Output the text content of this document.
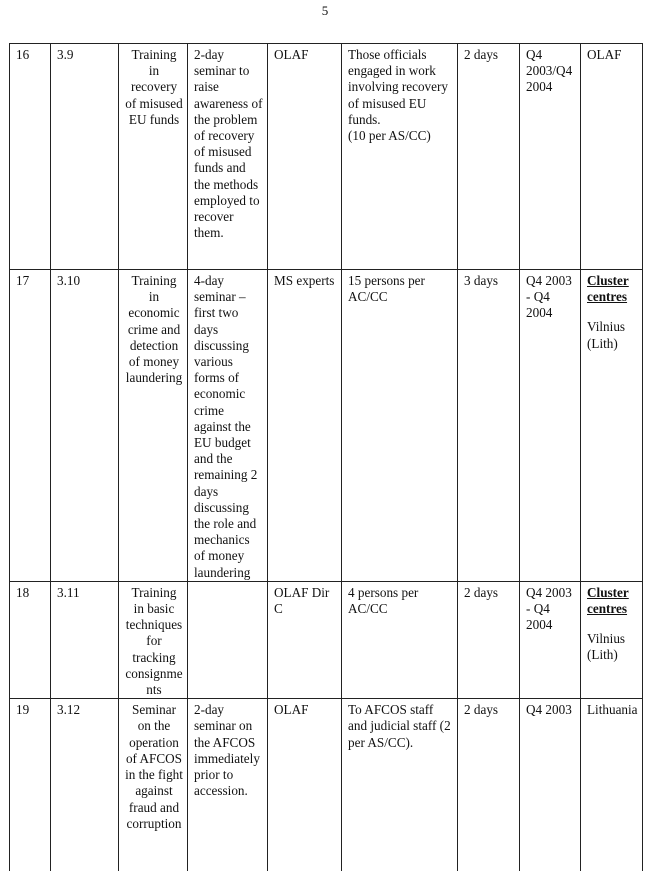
5
16	3.9	Training in recovery of misused EU funds	2-day seminar to raise awareness of the problem of recovery of misused funds and the methods employed to recover them.	OLAF	Those officials engaged in work involving recovery of misused EU funds.
(10 per AS/CC)	2 days	Q4 2003/Q4 2004	OLAF

17	3.10	Training in economic crime and detection of money laundering	4-day seminar – first two days discussing various forms of economic crime against the EU budget and the remaining 2 days discussing the role and mechanics of money laundering	MS experts	15 persons per AC/CC	3 days	Q4 2003 - Q4 2004	Cluster centres
Vilnius (Lith)

18	3.11	Training in basic techniques for tracking consignments		OLAF Dir C	4 persons per AC/CC	2 days	Q4 2003 - Q4 2004	Cluster centres
Vilnius (Lith)

19	3.12	Seminar on the operation of AFCOS in the fight against fraud and corruption	2-day seminar on the AFCOS immediately prior to accession.	OLAF	To AFCOS staff and judicial staff (2 per AS/CC).	2 days	Q4 2003	Lithuania
